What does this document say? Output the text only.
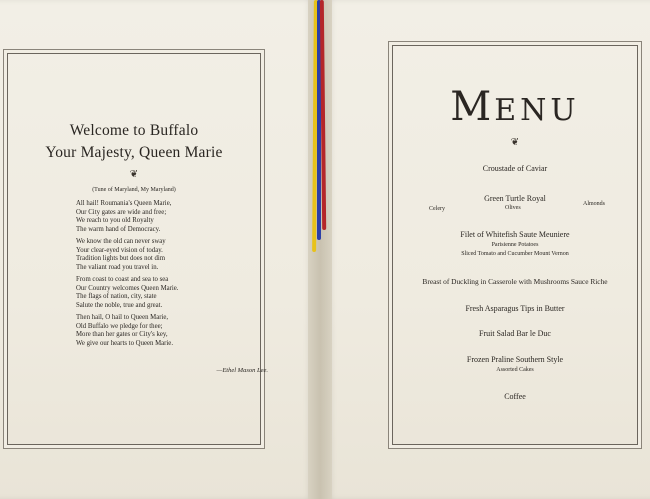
Welcome to Buffalo
Your Majesty, Queen Marie
❦
(Tune of Maryland, My Maryland)
All hail! Roumania's Queen Marie,
Our City gates are wide and free;
We reach to you old Royalty
The warm hand of Democracy.
We know the old can never sway
Your clear-eyed vision of today.
Tradition lights but does not dim
The valiant road you travel in.
From coast to coast and sea to sea
Our Country welcomes Queen Marie.
The flags of nation, city, state
Salute the noble, true and great.
Then hail, O hail to Queen Marie,
Old Buffalo we pledge for thee;
More than her gates or City's key,
We give our hearts to Queen Marie.
—Ethel Mason Lee.
MENU
❦
Croustade of Caviar
Green Turtle Royal
Celery	Olives
Almonds
Filet of Whitefish Saute Meuniere
Parisienne Potatoes
Sliced Tomato and Cucumber Mount Vernon
Breast of Duckling in Casserole with Mushrooms Sauce Riche
Fresh Asparagus Tips in Butter
Fruit Salad Bar le Duc
Frozen Praline Southern Style
Assorted Cakes
Coffee
